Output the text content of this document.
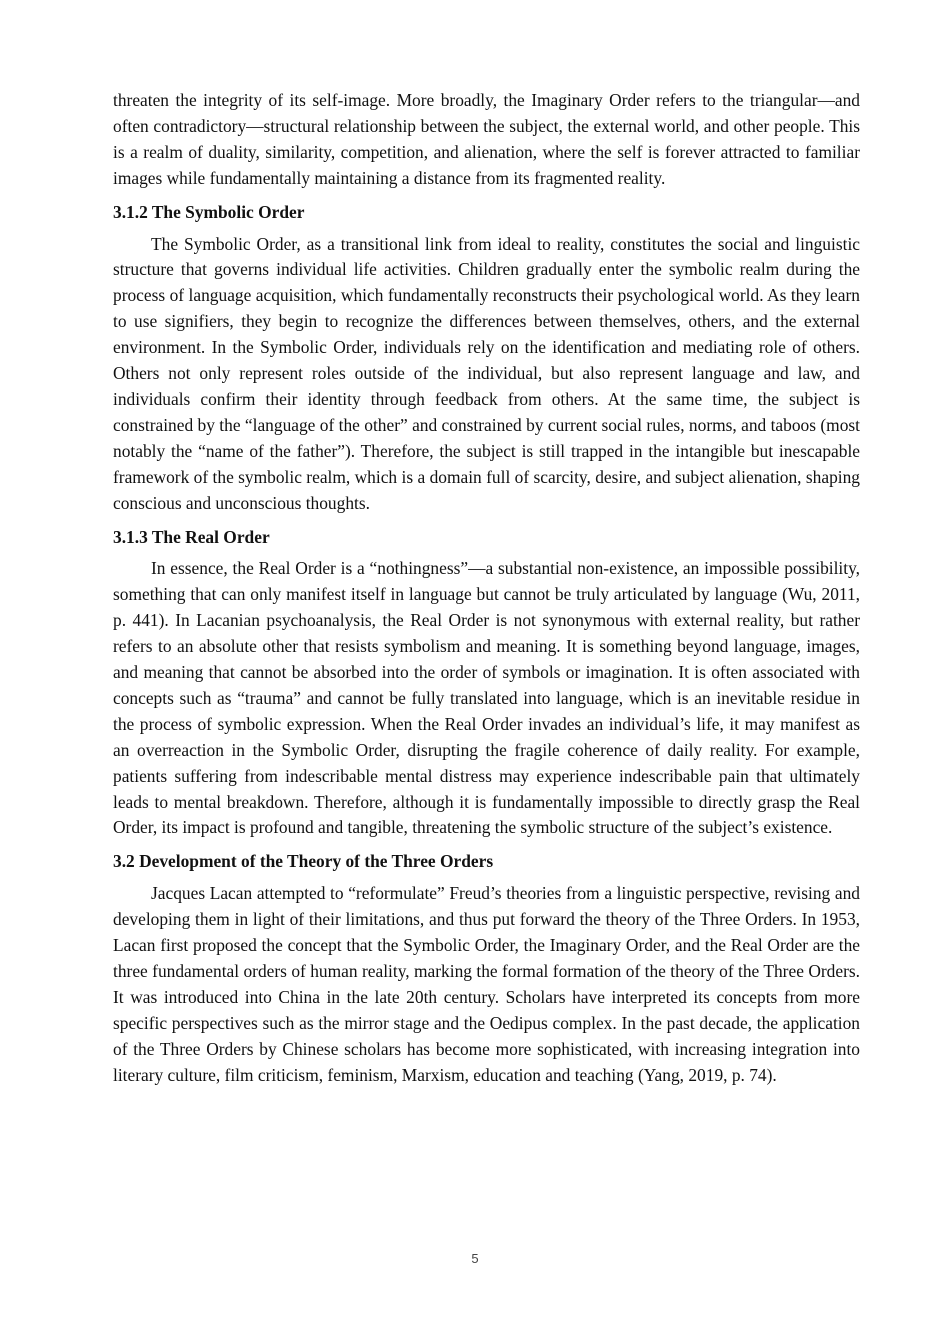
threaten the integrity of its self-image. More broadly, the Imaginary Order refers to the triangular—and often contradictory—structural relationship between the subject, the external world, and other people. This is a realm of duality, similarity, competition, and alienation, where the self is forever attracted to familiar images while fundamentally maintaining a distance from its fragmented reality.

3.1.2 The Symbolic Order

The Symbolic Order, as a transitional link from ideal to reality, constitutes the social and linguistic structure that governs individual life activities. Children gradually enter the symbolic realm during the process of language acquisition, which fundamentally reconstructs their psychological world. As they learn to use signifiers, they begin to recognize the differences between themselves, others, and the external environment. In the Symbolic Order, individuals rely on the identification and mediating role of others. Others not only represent roles outside of the individual, but also represent language and law, and individuals confirm their identity through feedback from others. At the same time, the subject is constrained by the “language of the other” and constrained by current social rules, norms, and taboos (most notably the “name of the father”). Therefore, the subject is still trapped in the intangible but inescapable framework of the symbolic realm, which is a domain full of scarcity, desire, and subject alienation, shaping conscious and unconscious thoughts.

3.1.3 The Real Order

In essence, the Real Order is a “nothingness”—a substantial non-existence, an impossible possibility, something that can only manifest itself in language but cannot be truly articulated by language (Wu, 2011, p. 441). In Lacanian psychoanalysis, the Real Order is not synonymous with external reality, but rather refers to an absolute other that resists symbolism and meaning. It is something beyond language, images, and meaning that cannot be absorbed into the order of symbols or imagination. It is often associated with concepts such as “trauma” and cannot be fully translated into language, which is an inevitable residue in the process of symbolic expression. When the Real Order invades an individual’s life, it may manifest as an overreaction in the Symbolic Order, disrupting the fragile coherence of daily reality. For example, patients suffering from indescribable mental distress may experience indescribable pain that ultimately leads to mental breakdown. Therefore, although it is fundamentally impossible to directly grasp the Real Order, its impact is profound and tangible, threatening the symbolic structure of the subject’s existence.

3.2 Development of the Theory of the Three Orders

Jacques Lacan attempted to “reformulate” Freud’s theories from a linguistic perspective, revising and developing them in light of their limitations, and thus put forward the theory of the Three Orders. In 1953, Lacan first proposed the concept that the Symbolic Order, the Imaginary Order, and the Real Order are the three fundamental orders of human reality, marking the formal formation of the theory of the Three Orders. It was introduced into China in the late 20th century. Scholars have interpreted its concepts from more specific perspectives such as the mirror stage and the Oedipus complex. In the past decade, the application of the Three Orders by Chinese scholars has become more sophisticated, with increasing integration into literary culture, film criticism, feminism, Marxism, education and teaching (Yang, 2019, p. 74).

5
